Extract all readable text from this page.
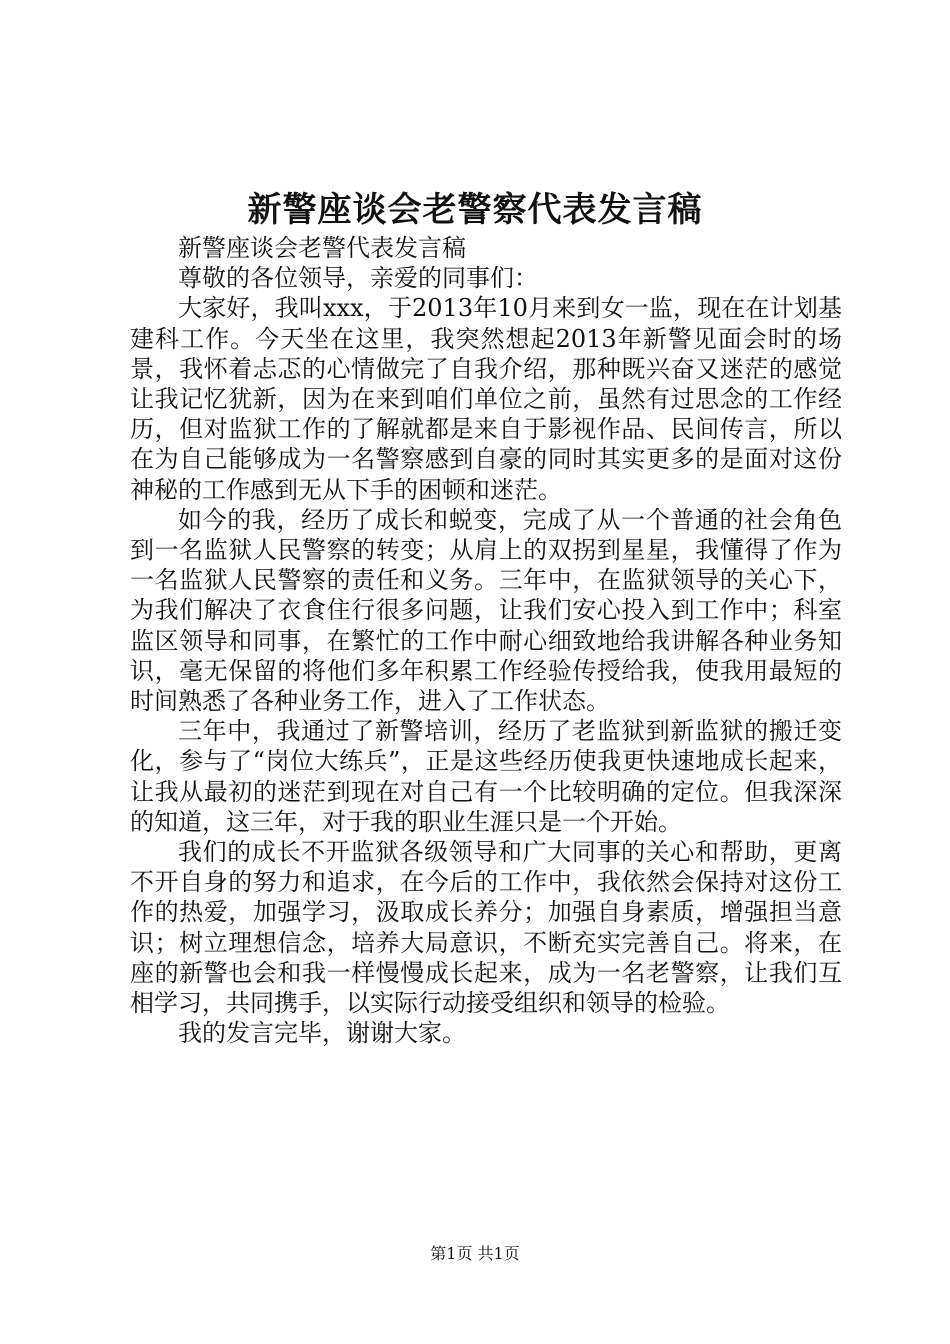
新警座谈会老警察代表发言稿

新警座谈会老警代表发言稿

尊敬的各位领导，亲爱的同事们：

大家好，我叫xxx，于2013年10月来到女一监，现在在计划基建科工作。今天坐在这里，我突然想起2013年新警见面会时的场景，我怀着忐忑的心情做完了自我介绍，那种既兴奋又迷茫的感觉让我记忆犹新，因为在来到咱们单位之前，虽然有过思念的工作经历，但对监狱工作的了解就都是来自于影视作品、民间传言，所以在为自己能够成为一名警察感到自豪的同时其实更多的是面对这份神秘的工作感到无从下手的困顿和迷茫。

如今的我，经历了成长和蜕变，完成了从一个普通的社会角色到一名监狱人民警察的转变；从肩上的双拐到星星，我懂得了作为一名监狱人民警察的责任和义务。三年中，在监狱领导的关心下，为我们解决了衣食住行很多问题，让我们安心投入到工作中；科室监区领导和同事，在繁忙的工作中耐心细致地给我讲解各种业务知识，毫无保留的将他们多年积累工作经验传授给我，使我用最短的时间熟悉了各种业务工作，进入了工作状态。

三年中，我通过了新警培训，经历了老监狱到新监狱的搬迁变化，参与了“岗位大练兵”，正是这些经历使我更快速地成长起来，让我从最初的迷茫到现在对自己有一个比较明确的定位。但我深深的知道，这三年，对于我的职业生涯只是一个开始。

我们的成长不开监狱各级领导和广大同事的关心和帮助，更离不开自身的努力和追求，在今后的工作中，我依然会保持对这份工作的热爱，加强学习，汲取成长养分；加强自身素质，增强担当意识；树立理想信念，培养大局意识，不断充实完善自己。将来，在座的新警也会和我一样慢慢成长起来，成为一名老警察，让我们互相学习，共同携手，以实际行动接受组织和领导的检验。

我的发言完毕，谢谢大家。

第1页 共1页
